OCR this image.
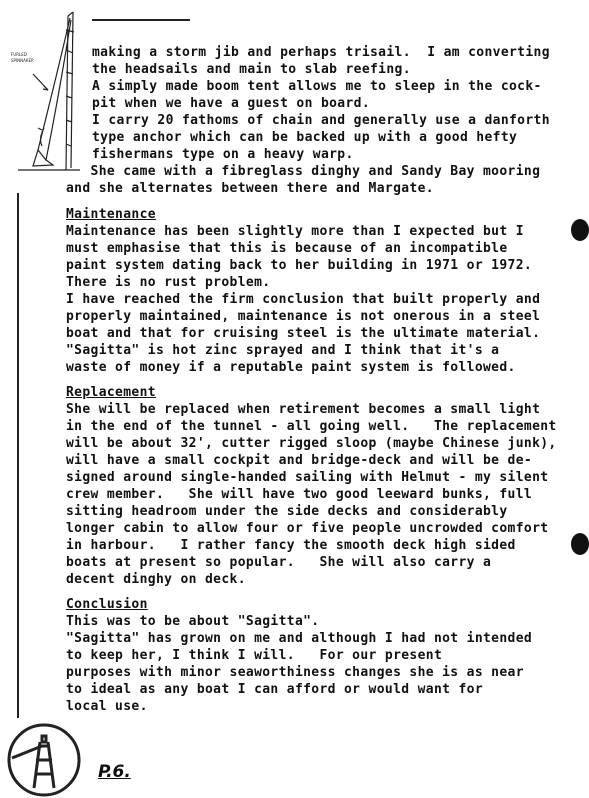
FURLED
SPINNAKER
making a storm jib and perhaps trisail.  I am converting
the headsails and main to slab reefing.
A simply made boom tent allows me to sleep in the cock-
pit when we have a guest on board.
I carry 20 fathoms of chain and generally use a danforth
type anchor which can be backed up with a good hefty
fishermans type on a heavy warp.
She came with a fibreglass dinghy and Sandy Bay mooring
and she alternates between there and Margate.
Maintenance
Maintenance has been slightly more than I expected but I
must emphasise that this is because of an incompatible
paint system dating back to her building in 1971 or 1972.
There is no rust problem.
I have reached the firm conclusion that built properly and
properly maintained, maintenance is not onerous in a steel
boat and that for cruising steel is the ultimate material.
"Sagitta" is hot zinc sprayed and I think that it's a
waste of money if a reputable paint system is followed.
Replacement
She will be replaced when retirement becomes a small light
in the end of the tunnel - all going well.   The replacement
will be about 32', cutter rigged sloop (maybe Chinese junk),
will have a small cockpit and bridge-deck and will be de-
signed around single-handed sailing with Helmut - my silent
crew member.   She will have two good leeward bunks, full
sitting headroom under the side decks and considerably
longer cabin to allow four or five people uncrowded comfort
in harbour.   I rather fancy the smooth deck high sided
boats at present so popular.   She will also carry a
decent dinghy on deck.
Conclusion
This was to be about "Sagitta".
"Sagitta" has grown on me and although I had not intended
to keep her, I think I will.   For our present
purposes with minor seaworthiness changes she is as near
to ideal as any boat I can afford or would want for
local use.
P.6.
